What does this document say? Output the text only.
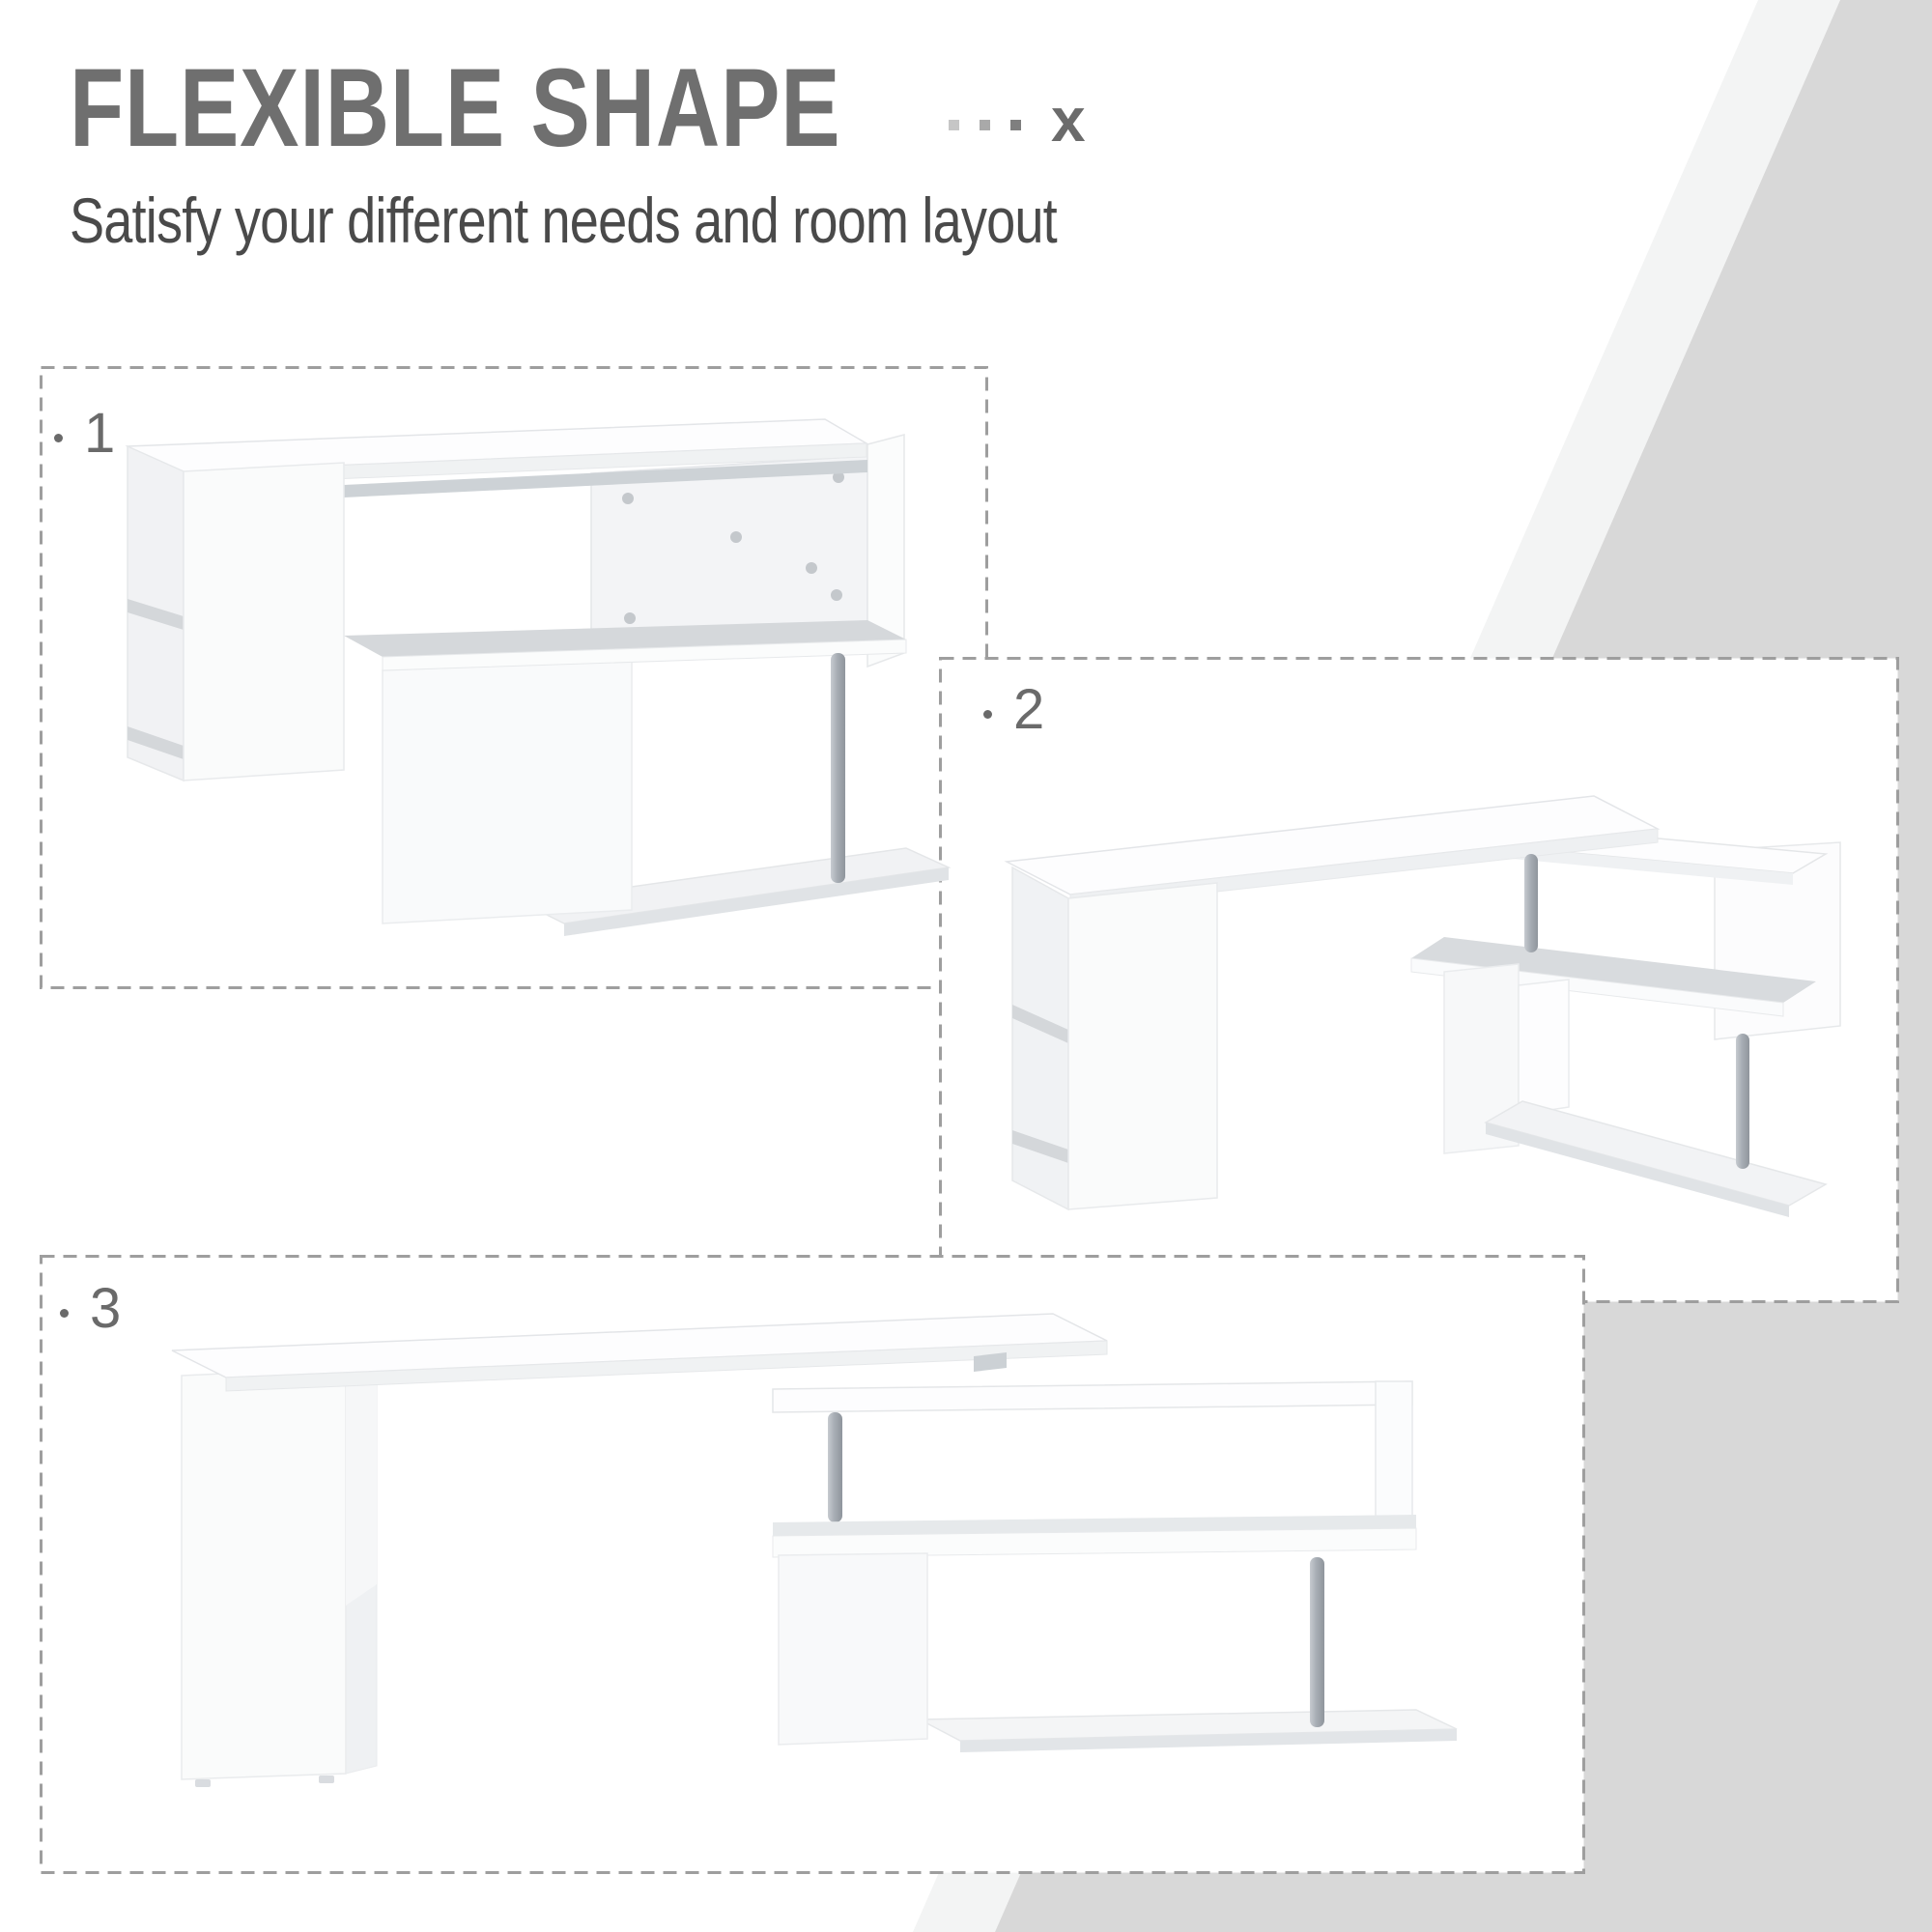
FLEXIBLE SHAPE	x

Satisfy your different needs and room layout

1
2
3
